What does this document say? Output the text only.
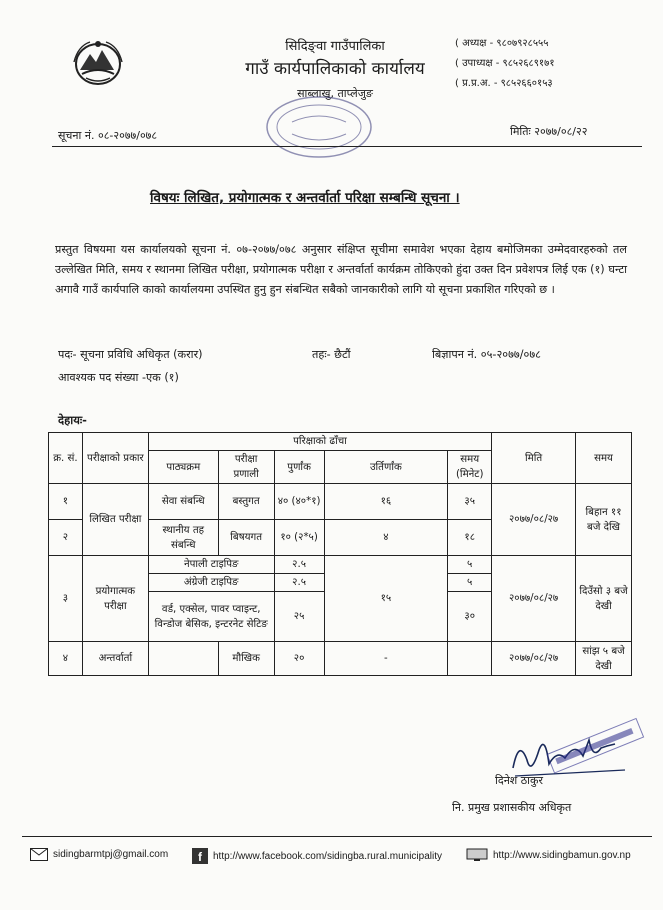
सिदिङ्वा गाउँपालिका
गाउँ कार्यपालिकाको कार्यालय
साब्लाखु, ताप्लेजुङ
( अध्यक्ष - ९८०७९२८५५५
( उपाध्यक्ष - ९८५२६८९१७१
( प्र.प्र.अ. - ९८५२६६०१५३
सूचना नं. ०८-२०७७/०७८	मितिः २०७७/०८/२२
विषयः लिखित, प्रयोगात्मक र अन्तर्वार्ता परिक्षा सम्बन्धि सूचना ।
प्रस्तुत विषयमा यस कार्यालयको सूचना नं. ०७-२०७७/०७८ अनुसार संक्षिप्त सूचीमा समावेश भएका देहाय बमोजिमका उम्मेदवारहरुको तल उल्लेखित मिति, समय र स्थानमा लिखित परीक्षा, प्रयोगात्मक परीक्षा र अन्तर्वार्ता कार्यक्रम तोकिएको हुंदा उक्त दिन प्रवेशपत्र लिई एक (१) घन्टा अगावै गाउँ कार्यपालि काको कार्यालयमा उपस्थित हुनु हुन संबन्धित सबैको जानकारीको लागि यो सूचना प्रकाशित गरिएको छ ।
पदः- सूचना प्रविधि अधिकृत (करार)	तहः- छैटौं	बिज्ञापन नं. ०५-२०७७/०७८
आवश्यक पद संख्या -एक (१)
देहायः-
क्र. सं.	परीक्षाको प्रकार	परिक्षाको ढाँचा					मिति	समय
		पाठ्यक्रम	परीक्षा प्रणाली	पुर्णांक	उर्तिर्णांक	समय (मिनेट)		
१	लिखित परीक्षा	सेवा संबन्धि	बस्तुगत	४० (४०*१)	१६	३५	२०७७/०८/२७	बिहान ११ बजे देखि
२		स्थानीय तह संबन्धि	बिषयगत	१० (२*५)	४	१८		
३	प्रयोगात्मक परीक्षा	नेपाली टाइपिङ		२.५	१५	५	२०७७/०८/२७	दिउँसो ३ बजे देखी
		अंग्रेजी टाइपिङ		२.५		५		
		वर्ड, एक्सेल, पावर प्वाइन्ट, विन्डोज बेसिक, इन्टरनेट सेटिङ		२५		३०		
४	अन्तर्वार्ता		मौखिक	२०	-		२०७७/०८/२७	सांझ ५ बजे देखी
दिनेश ठाकुर
नि. प्रमुख प्रशासकीय अधिकृत
sidingbarmtpj@gmail.com f http://www.facebook.com/sidingba.rural.municipality	http://www.sidingbamun.gov.np
